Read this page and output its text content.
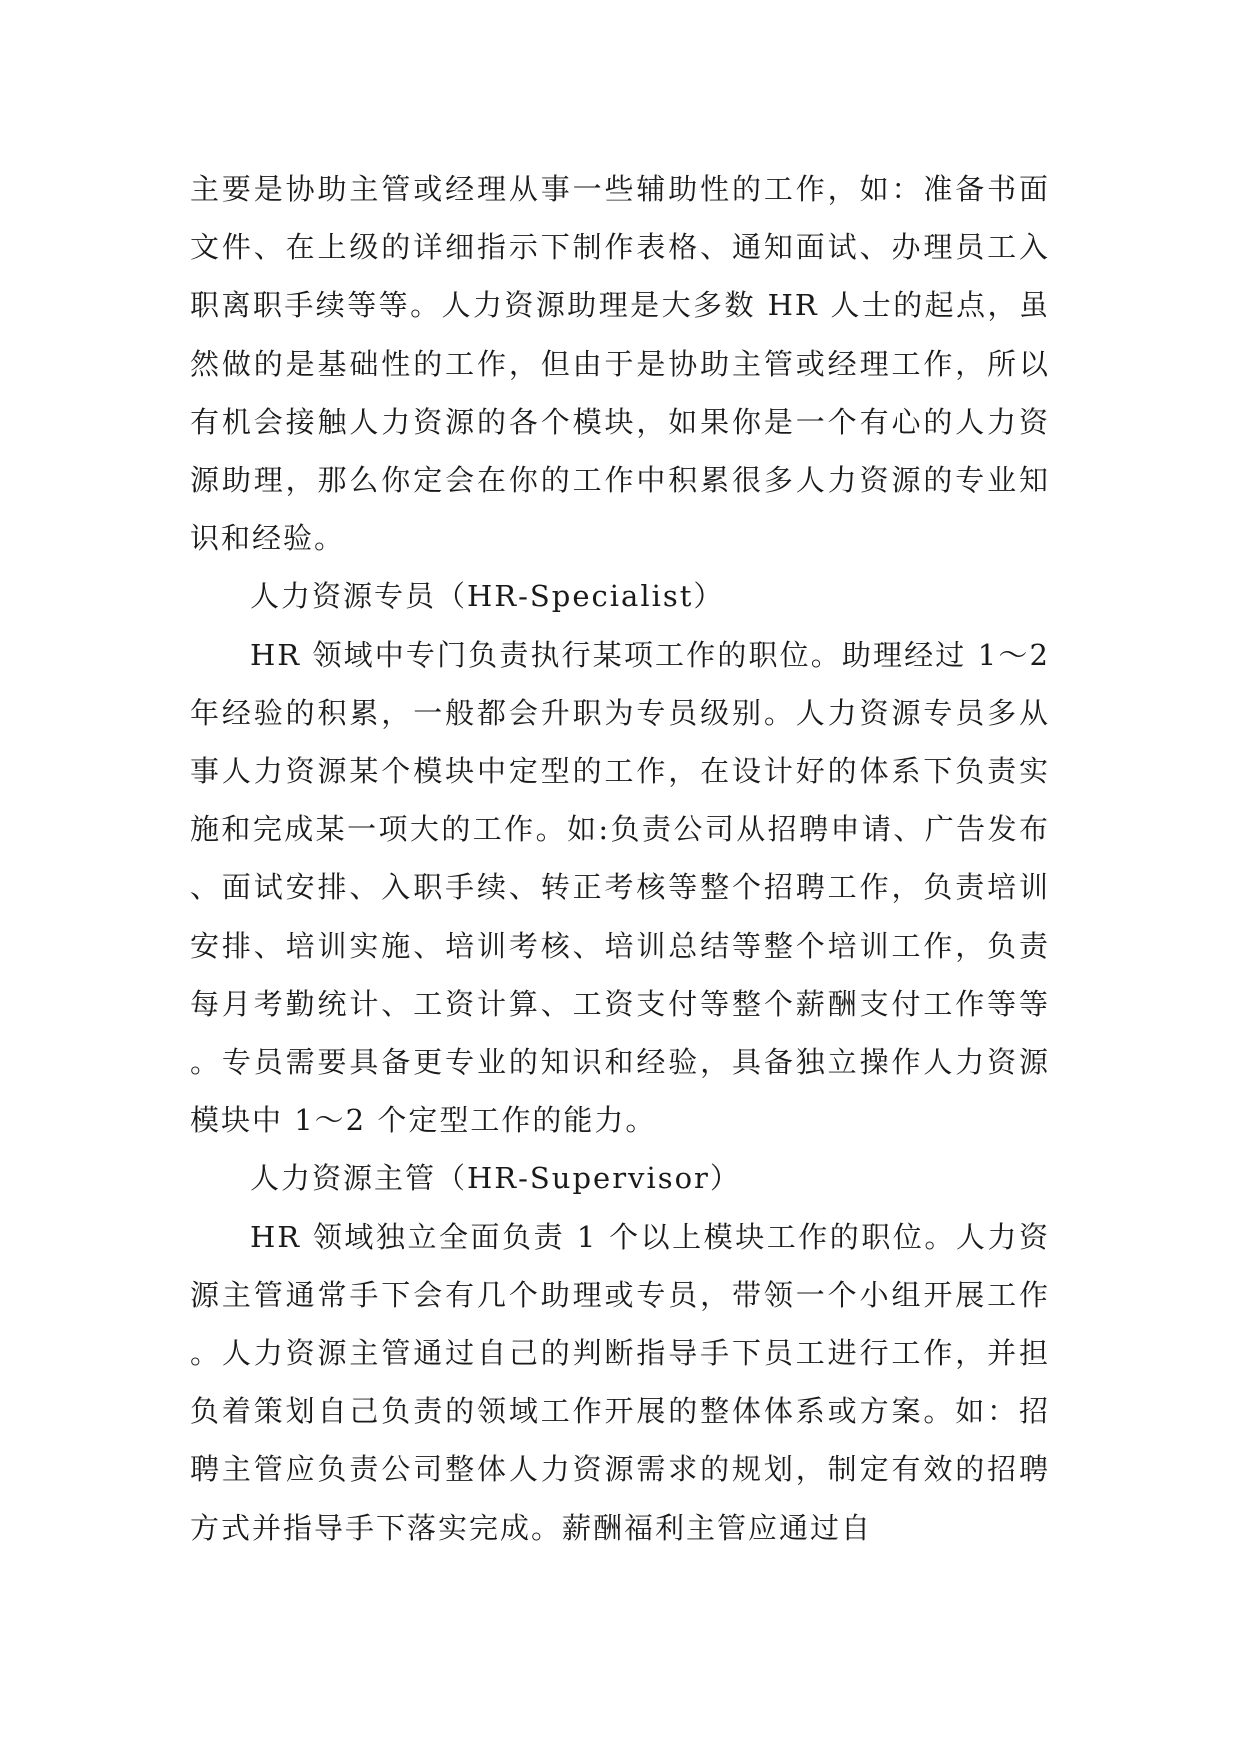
主要是协助主管或经理从事一些辅助性的工作，如：准备书面文件、在上级的详细指示下制作表格、通知面试、办理员工入职离职手续等等。人力资源助理是大多数 HR 人士的起点，虽然做的是基础性的工作，但由于是协助主管或经理工作，所以有机会接触人力资源的各个模块，如果你是一个有心的人力资源助理，那么你定会在你的工作中积累很多人力资源的专业知识和经验。

人力资源专员（HR-Specialist）

HR 领域中专门负责执行某项工作的职位。助理经过 1～2 年经验的积累，一般都会升职为专员级别。人力资源专员多从事人力资源某个模块中定型的工作，在设计好的体系下负责实施和完成某一项大的工作。如:负责公司从招聘申请、广告发布、面试安排、入职手续、转正考核等整个招聘工作，负责培训安排、培训实施、培训考核、培训总结等整个培训工作，负责每月考勤统计、工资计算、工资支付等整个薪酬支付工作等等。专员需要具备更专业的知识和经验，具备独立操作人力资源模块中 1～2 个定型工作的能力。

人力资源主管（HR-Supervisor）

HR 领域独立全面负责 1 个以上模块工作的职位。人力资源主管通常手下会有几个助理或专员，带领一个小组开展工作。人力资源主管通过自己的判断指导手下员工进行工作，并担负着策划自己负责的领域工作开展的整体体系或方案。如：招聘主管应负责公司整体人力资源需求的规划，制定有效的招聘方式并指导手下落实完成。薪酬福利主管应通过自
